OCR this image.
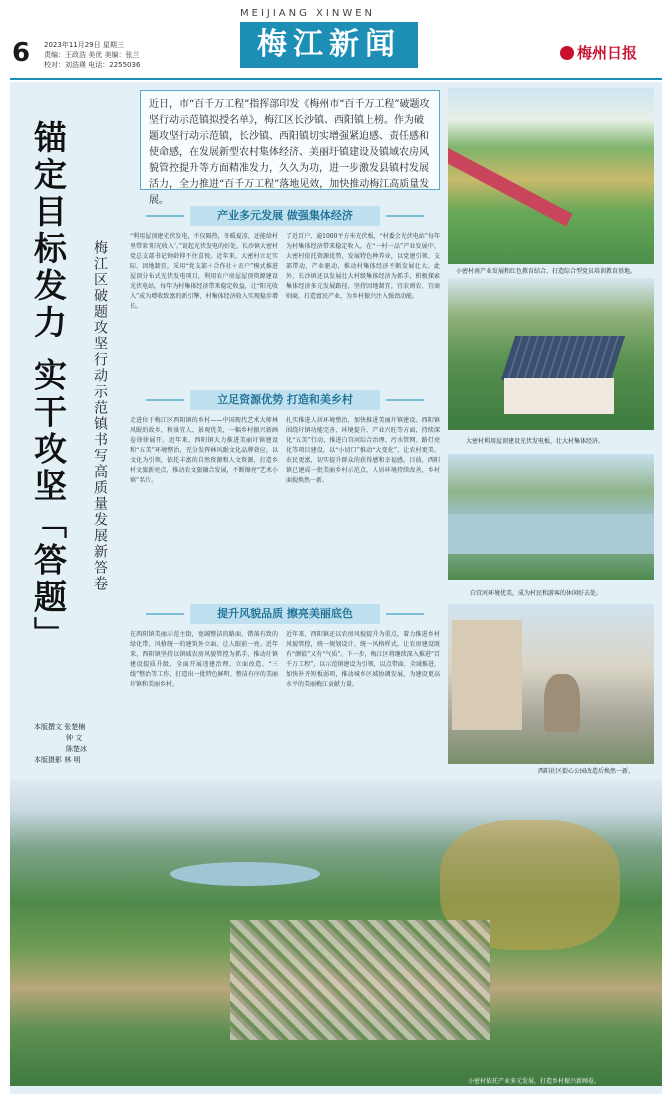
6 2023年11月29日 星期三
责编：王政浩 美优 美编：张兰
校对：刘浩瑛 电话：2255036
MEIJIANG XINWEN
梅江新闻	梅州日报
锚定目标发力 实干攻坚「答题」 梅江区破题攻坚行动示范镇书写高质量发展新答卷
近日，市“百千万工程”指挥部印发《梅州市“百千万工程”破题攻坚行动示范镇拟授名单》，梅江区长沙镇、西阳镇上榜。作为破题攻坚行动示范镇，长沙镇、西阳镇切实增强紧迫感、责任感和使命感，在发展新型农村集体经济、美丽圩镇建设及镇域农房风貌管控提升等方面精准发力，久久为功，进一步激发县镇村发展活力，全力推进“百千万工程”落地见效，加快推动梅江高质量发展。
产业多元发展 做强集体经济
“利用屋顶建光伏发电，不仅隔热，冬暖夏凉，还能给村里带来‘阳光收入’。”说起光伏发电的好处，长沙镇大密村党总支部书记钟龄抑不住喜悦。近年来，大密村立足实际，因地制宜，采用“党支部＋合作社＋农户”模式推进屋顶分布式光伏发电项目，利用农户房屋屋顶资源建设光伏电站，每年为村集体经济带来稳定收益，让“阳光收入”成为增收致富的新引擎，村集体经济收入实现稳步增长。
了近百户、逾1000平方米光伏板，“村委会光伏电站”每年为村集体经济带来稳定收入。在“一村一品”产业发展中，大密村依托资源优势，发展特色种养业，以党建引领、支部带动、产业驱动，推动村集体经济不断发展壮大。此外，长沙镇还以发展壮大村级集体经济为抓手，积极探索集体经济多元发展路径，坚持因地制宜，宜农则农、宜商则商，打造富民产业，为乡村振兴注入强劲动能。
立足资源优势 打造和美乡村
走进位于梅江区西阳镇的乡村——中国现代艺术大师林风眠的故乡，秋景宜人、景观优美，一幅乡村振兴新画卷徐徐展开。近年来，西阳镇大力推进美丽圩镇建设和“五美”环境整治，充分发挥林风眠文化品牌效应，以文化为引领，依托丰富的自然资源和人文资源，打造乡村文旅新亮点，推动农文旅融合发展，不断擦亮“艺术小镇”名片。
扎实推进人居环境整治，加快推进美丽圩镇建设。西阳镇围绕圩镇功能完善、环境提升、产业兴旺等方面，持续深化“五美”行动，推进白宫河综合治理、污水管网、路灯亮化等项目建设，以“小切口”推动“大变化”，让农村更美、农民更富，切实提升群众的获得感和幸福感。目前，西阳镇已建成一批美丽乡村示范点，人居环境持续改善，乡村面貌焕然一新。
提升风貌品质 擦亮美丽底色
在西阳镇美丽示范主街，宽阔整洁的路面、错落有致的绿化带、风格统一的建筑外立面，让人眼前一亮。近年来，西阳镇坚持以镇域农房风貌管控为抓手，推动圩镇建设提质升级，全面开展违建治理、立面改造、“三线”整治等工作，打造出一批特色鲜明、整洁有序的美丽圩镇和美丽乡村。
近年来，西阳镇还以农房风貌提升为重点，着力推进乡村风貌管控，统一规划设计、统一风格样式，让农房建设既有“颜值”又有“气质”。下一步，梅江区将继续深入推进“百千万工程”，以示范镇建设为引领，以点带面、全域推进，加快补齐短板弱项，推动城乡区域协调发展，为建设更高水平的美丽梅江贡献力量。
本版撰文 张楚楠
钟 文
陈楚冰
本版摄影 林 明
小密村南产业发展和红色教育结合，打造综合型党员培训教育基地。
大密村利用屋顶建设光伏发电板，壮大村集体经济。
白宫河环境优美，成为村民和游客的休闲好去处。
西阳社区街心公园改造后焕然一新。
小密村依托产业多元发展，打造乡村振兴新画卷。
